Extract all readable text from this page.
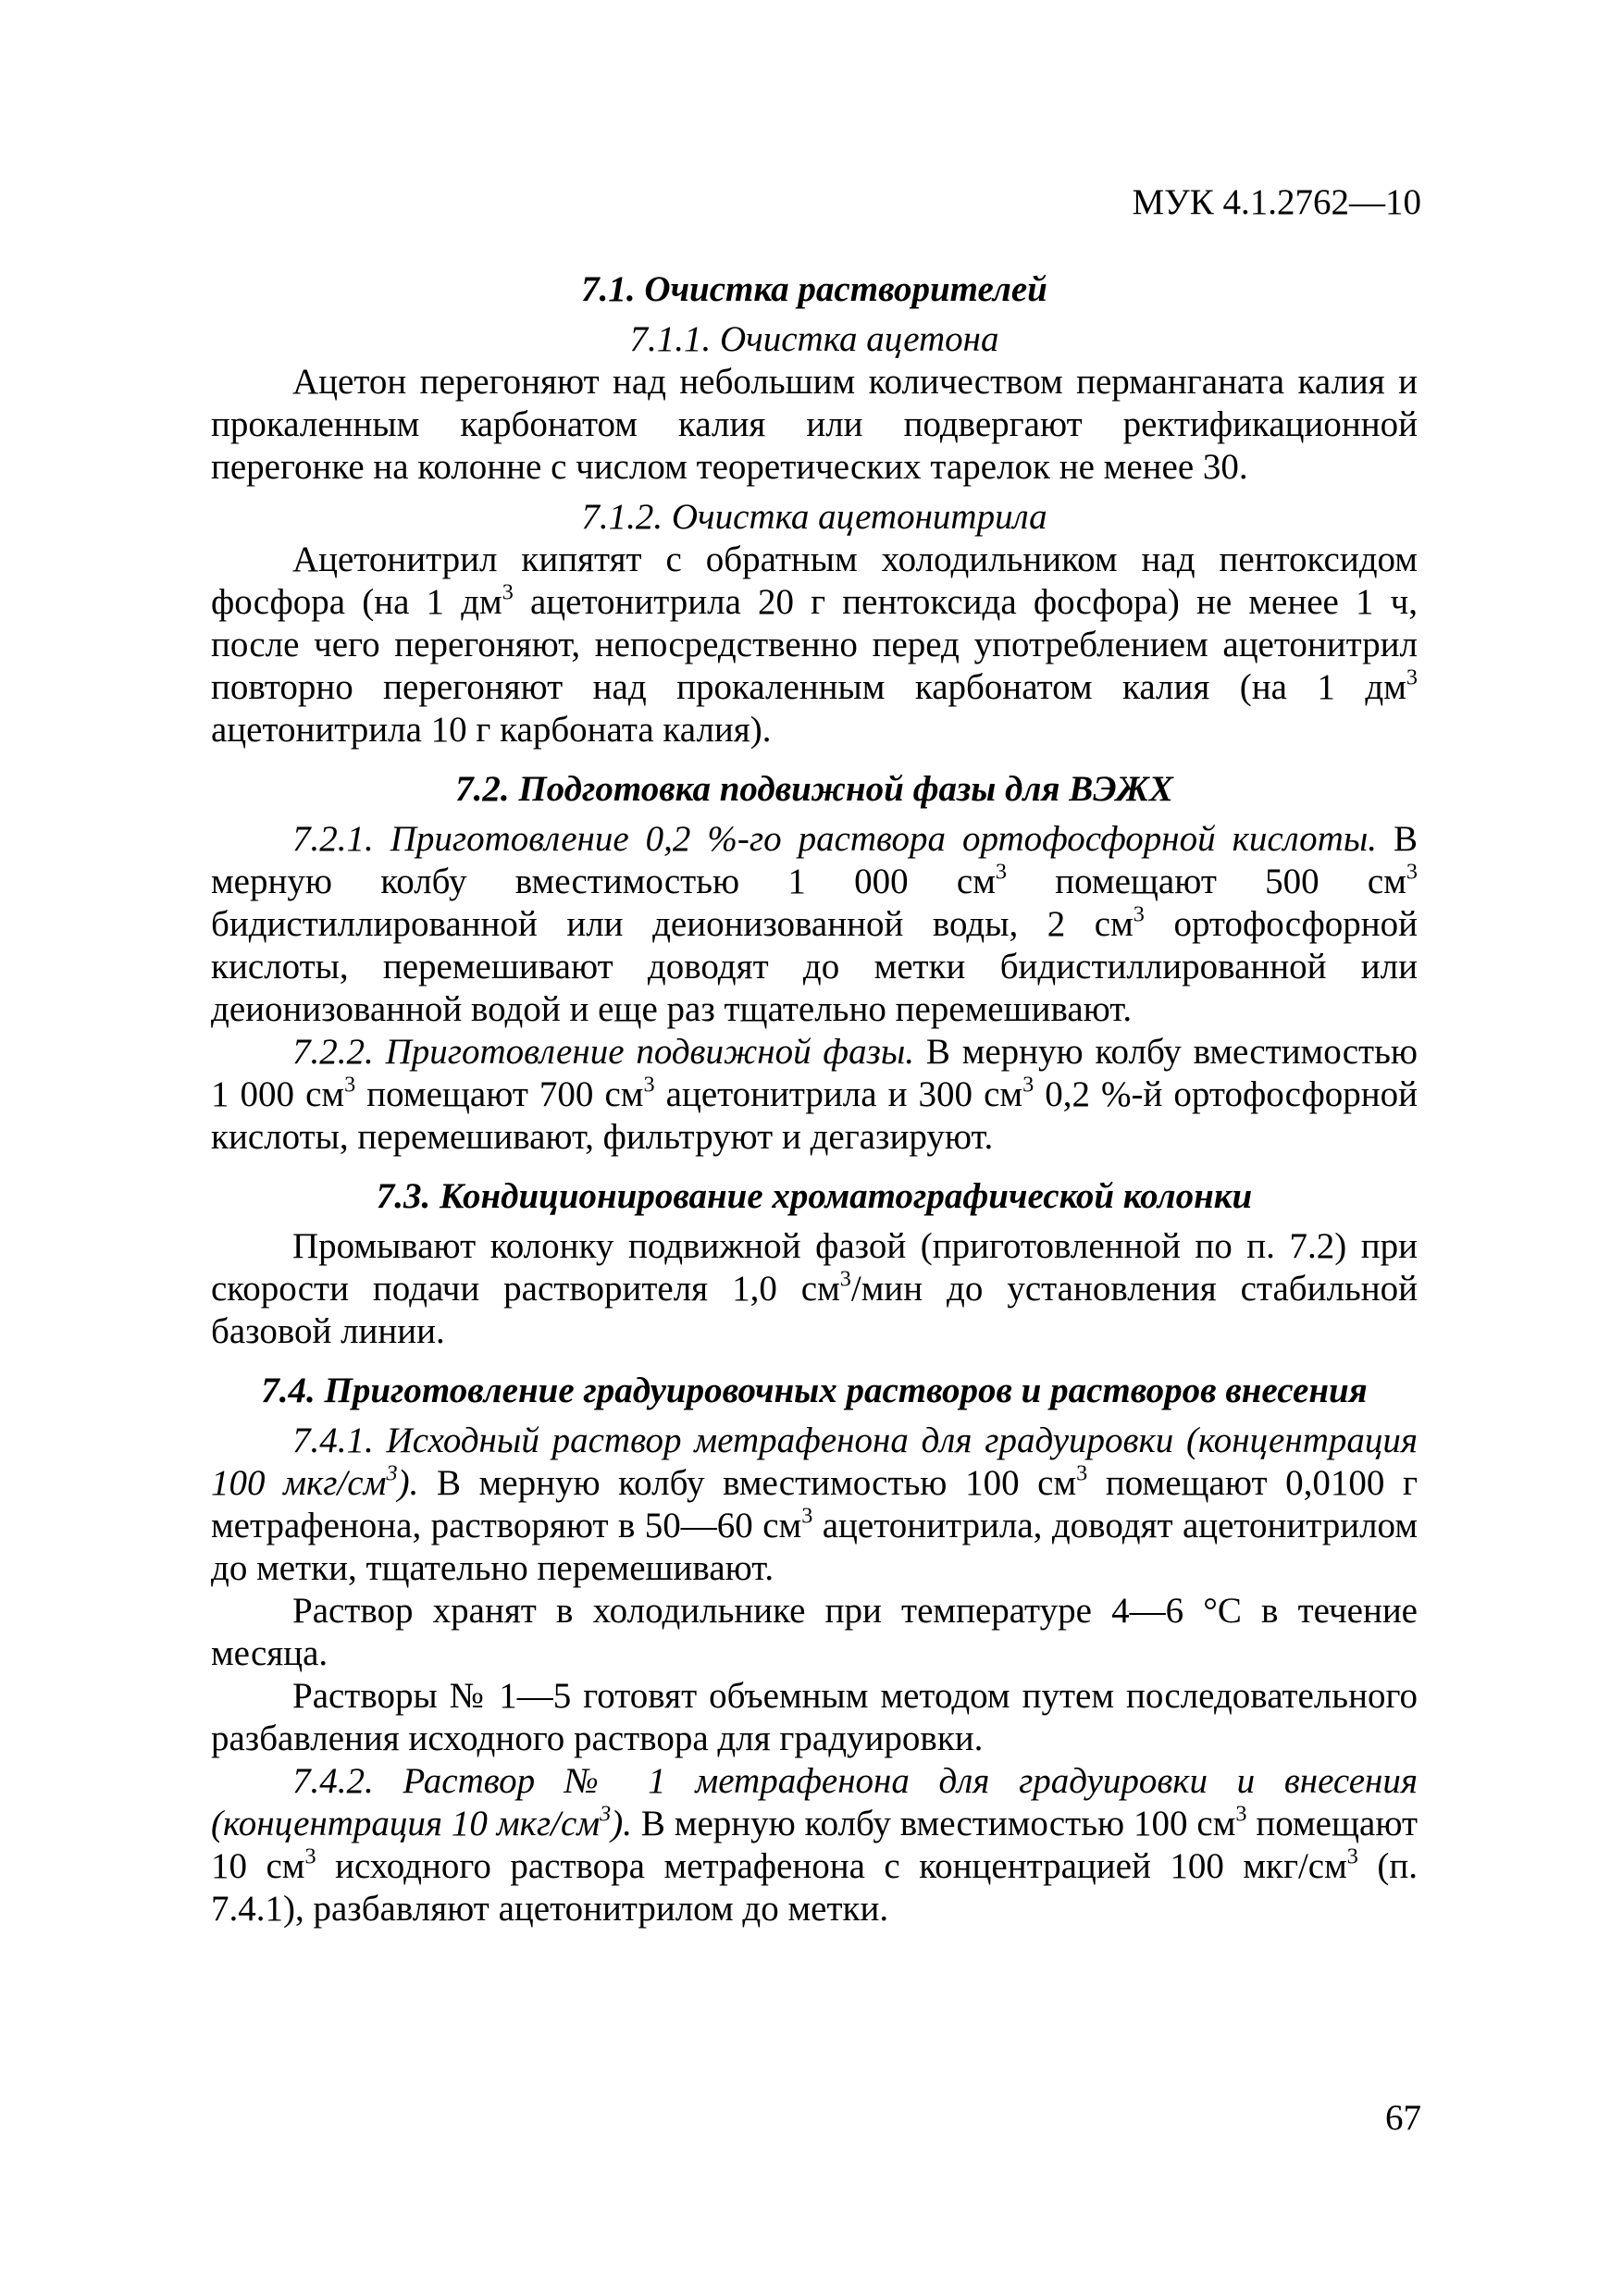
МУК 4.1.2762—10

7.1. Очистка растворителей

7.1.1. Очистка ацетона

Ацетон перегоняют над небольшим количеством перманганата калия и прокаленным карбонатом калия или подвергают ректификационной перегонке на колонне с числом теоретических тарелок не менее 30.

7.1.2. Очистка ацетонитрила

Ацетонитрил кипятят с обратным холодильником над пентоксидом фосфора (на 1 $дм^3$ ацетонитрила 20 г пентоксида фосфора) не менее 1 ч, после чего перегоняют, непосредственно перед употреблением ацетонитрил повторно перегоняют над прокаленным карбонатом калия (на 1 $дм^3$ ацетонитрила 10 г карбоната калия).

7.2. Подготовка подвижной фазы для ВЭЖХ

7.2.1. Приготовление 0,2 %-го раствора ортофосфорной кислоты. В мерную колбу вместимостью 1 000 $см^3$ помещают 500 $см^3$ бидистиллированной или деионизованной воды, 2 $см^3$ ортофосфорной кислоты, перемешивают доводят до метки бидистиллированной или деионизованной водой и еще раз тщательно перемешивают.

7.2.2. Приготовление подвижной фазы. В мерную колбу вместимостью 1 000 $см^3$ помещают 700 $см^3$ ацетонитрила и 300 $см^3$ 0,2 %-й ортофосфорной кислоты, перемешивают, фильтруют и дегазируют.

7.3. Кондиционирование хроматографической колонки

Промывают колонку подвижной фазой (приготовленной по п. 7.2) при скорости подачи растворителя 1,0 $см^3$/мин до установления стабильной базовой линии.

7.4. Приготовление градуировочных растворов и растворов внесения

7.4.1. Исходный раствор метрафенона для градуировки (концентрация 100 мкг/$см^3$). В мерную колбу вместимостью 100 $см^3$ помещают 0,0100 г метрафенона, растворяют в 50—60 $см^3$ ацетонитрила, доводят ацетонитрилом до метки, тщательно перемешивают.

Раствор хранят в холодильнике при температуре 4—6 °С в течение месяца.

Растворы № 1—5 готовят объемным методом путем последовательного разбавления исходного раствора для градуировки.

7.4.2. Раствор № 1 метрафенона для градуировки и внесения (концентрация 10 мкг/$см^3$). В мерную колбу вместимостью 100 $см^3$ помещают 10 $см^3$ исходного раствора метрафенона с концентрацией 100 мкг/$см^3$ (п. 7.4.1), разбавляют ацетонитрилом до метки.

67
